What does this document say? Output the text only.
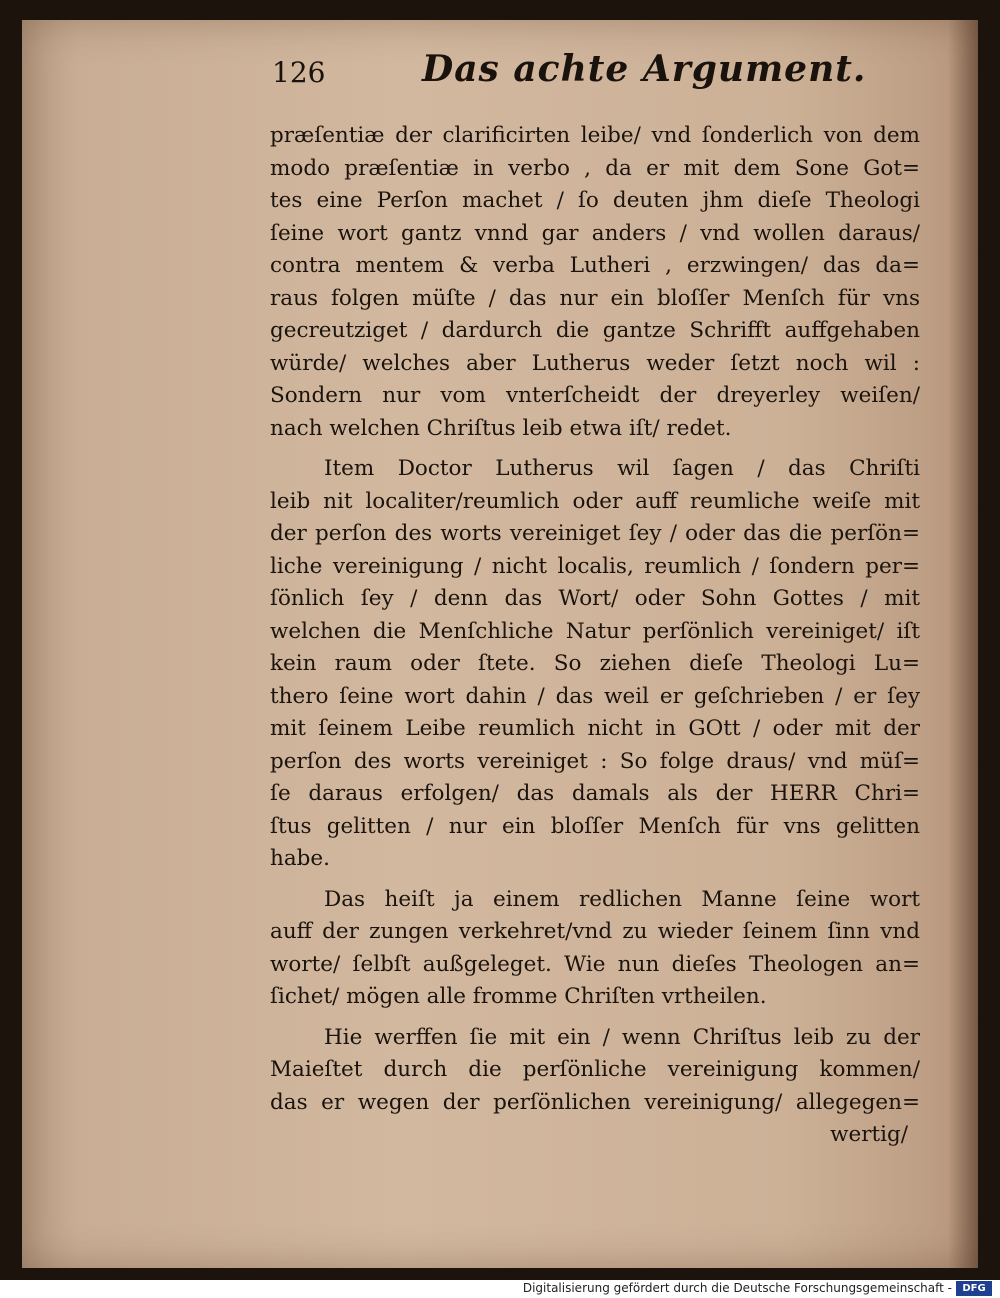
126	Das achte Argument.

præſentiæ der clarificirten leibe/ vnd ſonderlich von dem
modo præſentiæ in verbo , da er mit dem Sone Got=
tes eine Perſon machet / ſo deuten jhm dieſe Theologi
ſeine wort gantz vnnd gar anders / vnd wollen daraus/
contra mentem & verba Lutheri , erzwingen/ das da=
raus folgen müſte / das nur ein bloſſer Menſch für vns
gecreutziget / dardurch die gantze Schrifft auffgehaben
würde/ welches aber Lutherus weder ſetzt noch wil :
Sondern nur vom vnterſcheidt der dreyerley weiſen/
nach welchen Chriſtus leib etwa iſt/ redet.

Item Doctor Lutherus wil ſagen / das Chriſti
leib nit localiter/reumlich oder auff reumliche weiſe mit
der perſon des worts vereiniget ſey / oder das die perſön=
liche vereinigung / nicht localis, reumlich / ſondern per=
ſönlich ſey / denn das Wort/ oder Sohn Gottes / mit
welchen die Menſchliche Natur perſönlich vereiniget/ iſt
kein raum oder ſtete. So ziehen dieſe Theologi Lu=
thero ſeine wort dahin / das weil er geſchrieben / er ſey
mit ſeinem Leibe reumlich nicht in GOtt / oder mit der
perſon des worts vereiniget : So folge draus/ vnd müſ=
ſe daraus erfolgen/ das damals als der HERR Chri=
ſtus gelitten / nur ein bloſſer Menſch für vns gelitten
habe.

Das heiſt ja einem redlichen Manne ſeine wort
auff der zungen verkehret/vnd zu wieder ſeinem ſinn vnd
worte/ ſelbſt außgeleget. Wie nun dieſes Theologen an=
ſichet/ mögen alle fromme Chriſten vrtheilen.

Hie werffen ſie mit ein / wenn Chriſtus leib zu der
Maieſtet durch die perſönliche vereinigung kommen/
das er wegen der perſönlichen vereinigung/ allegegen=
wertig/

Digitalisierung gefördert durch die Deutsche Forschungsgemeinschaft -	DFG
